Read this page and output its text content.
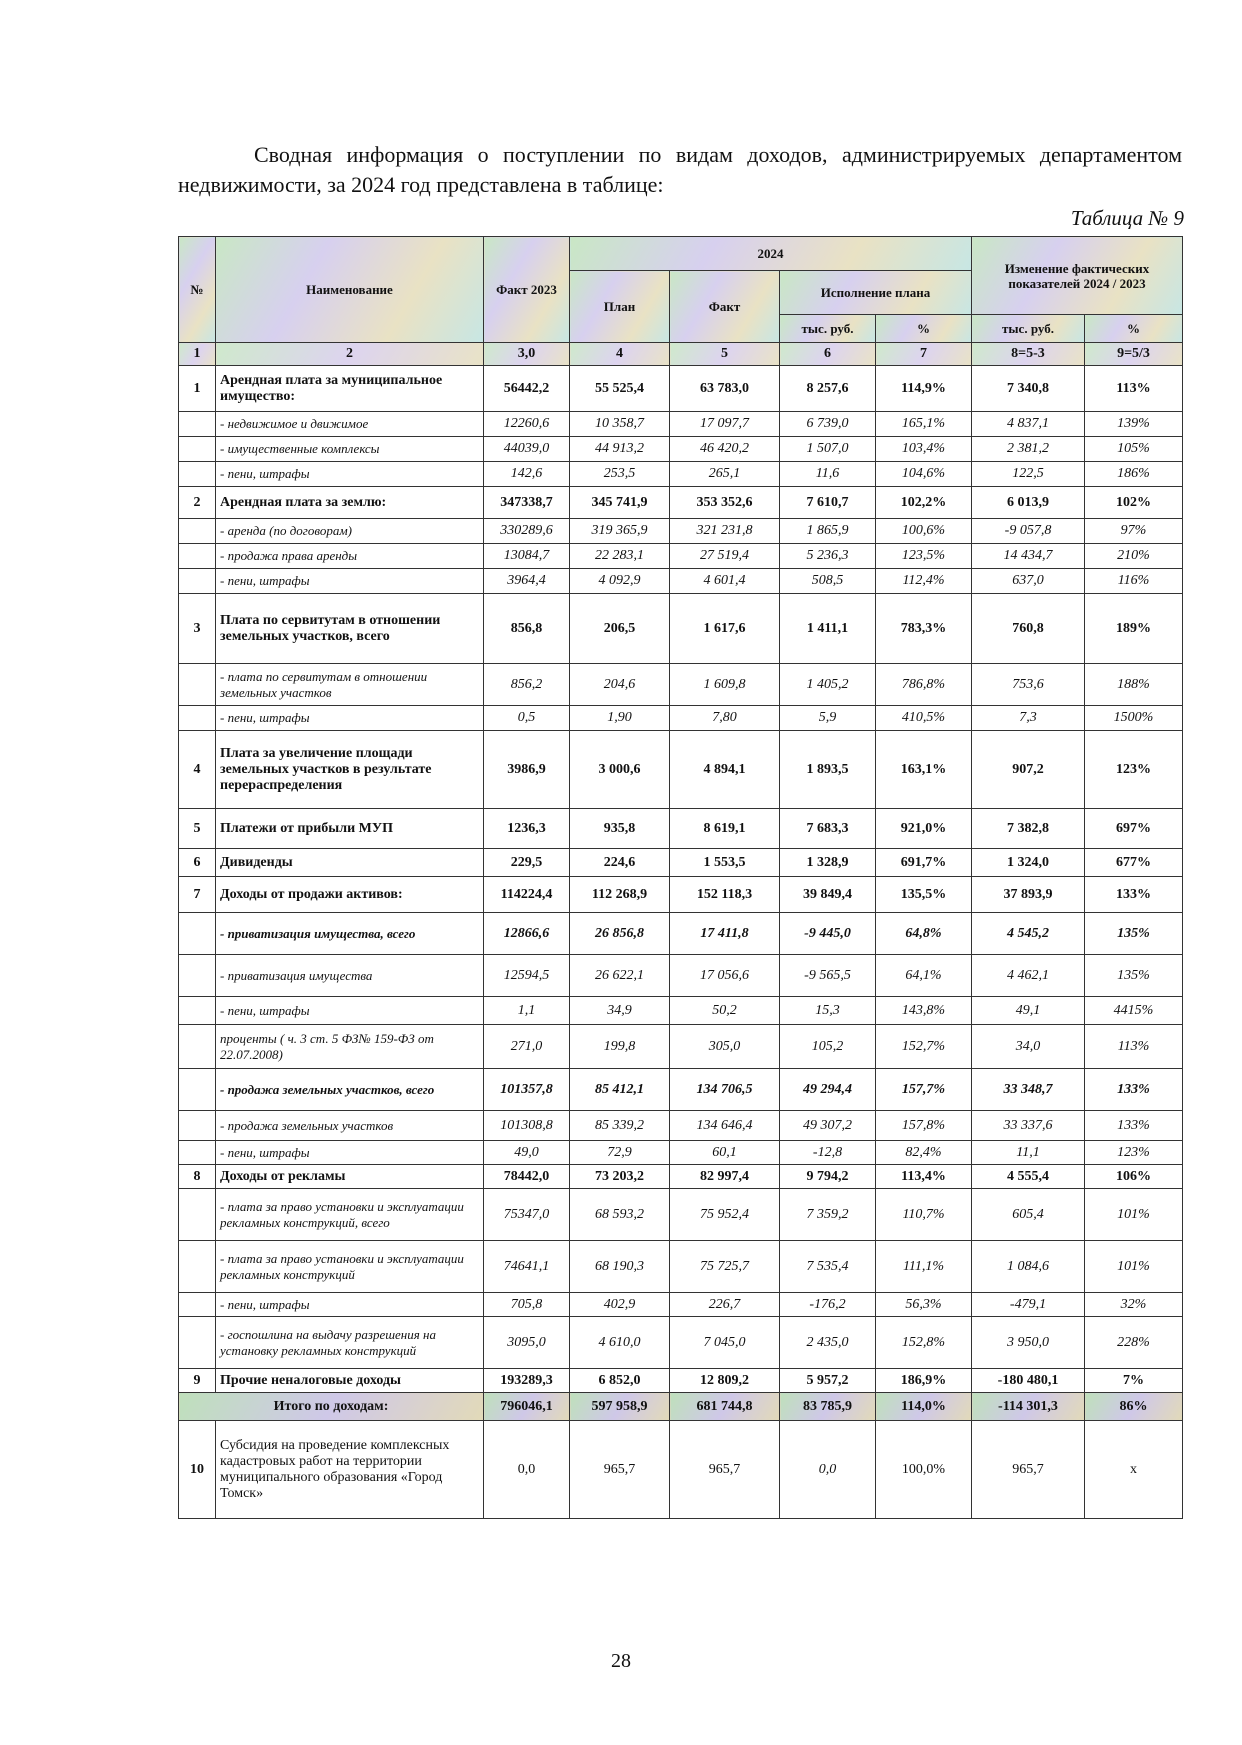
Сводная информация о поступлении по видам доходов, администрируемых департаментом недвижимости, за 2024 год представлена в таблице:

Таблица № 9
№	Наименование	Факт 2023	2024				Изменение фактических показателей 2024 / 2023	
			План	Факт	Исполнение плана			
					тыс. руб.	%	тыс. руб.	%
1	2	3,0	4	5	6	7	8=5-3	9=5/3
1	Арендная плата за муниципальное имущество:	56442,2	55 525,4	63 783,0	8 257,6	114,9%	7 340,8	113%
	- недвижимое и движимое	12260,6	10 358,7	17 097,7	6 739,0	165,1%	4 837,1	139%
	- имущественные комплексы	44039,0	44 913,2	46 420,2	1 507,0	103,4%	2 381,2	105%
	- пени, штрафы	142,6	253,5	265,1	11,6	104,6%	122,5	186%
2	Арендная плата за землю:	347338,7	345 741,9	353 352,6	7 610,7	102,2%	6 013,9	102%
	- аренда (по договорам)	330289,6	319 365,9	321 231,8	1 865,9	100,6%	-9 057,8	97%
	- продажа права аренды	13084,7	22 283,1	27 519,4	5 236,3	123,5%	14 434,7	210%
	- пени, штрафы	3964,4	4 092,9	4 601,4	508,5	112,4%	637,0	116%
3	Плата по сервитутам в отношении земельных участков, всего	856,8	206,5	1 617,6	1 411,1	783,3%	760,8	189%
	- плата по сервитутам в отношении земельных участков	856,2	204,6	1 609,8	1 405,2	786,8%	753,6	188%
	- пени, штрафы	0,5	1,90	7,80	5,9	410,5%	7,3	1500%
4	Плата за увеличение площади земельных участков в результате перераспределения	3986,9	3 000,6	4 894,1	1 893,5	163,1%	907,2	123%
5	Платежи от прибыли МУП	1236,3	935,8	8 619,1	7 683,3	921,0%	7 382,8	697%
6	Дивиденды	229,5	224,6	1 553,5	1 328,9	691,7%	1 324,0	677%
7	Доходы от продажи активов:	114224,4	112 268,9	152 118,3	39 849,4	135,5%	37 893,9	133%
	- приватизация имущества, всего	12866,6	26 856,8	17 411,8	-9 445,0	64,8%	4 545,2	135%
	- приватизация имущества	12594,5	26 622,1	17 056,6	-9 565,5	64,1%	4 462,1	135%
	- пени, штрафы	1,1	34,9	50,2	15,3	143,8%	49,1	4415%
	проценты ( ч. 3 ст. 5 ФЗ№ 159-ФЗ от 22.07.2008)	271,0	199,8	305,0	105,2	152,7%	34,0	113%
	- продажа земельных участков, всего	101357,8	85 412,1	134 706,5	49 294,4	157,7%	33 348,7	133%
	- продажа земельных участков	101308,8	85 339,2	134 646,4	49 307,2	157,8%	33 337,6	133%
	- пени, штрафы	49,0	72,9	60,1	-12,8	82,4%	11,1	123%
8	Доходы от рекламы	78442,0	73 203,2	82 997,4	9 794,2	113,4%	4 555,4	106%
	- плата за право установки и эксплуатации рекламных конструкций, всего	75347,0	68 593,2	75 952,4	7 359,2	110,7%	605,4	101%
	- плата за право установки и эксплуатации рекламных конструкций	74641,1	68 190,3	75 725,7	7 535,4	111,1%	1 084,6	101%
	- пени, штрафы	705,8	402,9	226,7	-176,2	56,3%	-479,1	32%
	- госпошлина на выдачу разрешения на установку рекламных конструкций	3095,0	4 610,0	7 045,0	2 435,0	152,8%	3 950,0	228%
9	Прочие неналоговые доходы	193289,3	6 852,0	12 809,2	5 957,2	186,9%	-180 480,1	7%
Итого по доходам:		796046,1	597 958,9	681 744,8	83 785,9	114,0%	-114 301,3	86%
10	Субсидия на проведение комплексных кадастровых работ на территории муниципального образования «Город Томск»	0,0	965,7	965,7	0,0	100,0%	965,7	x
28
